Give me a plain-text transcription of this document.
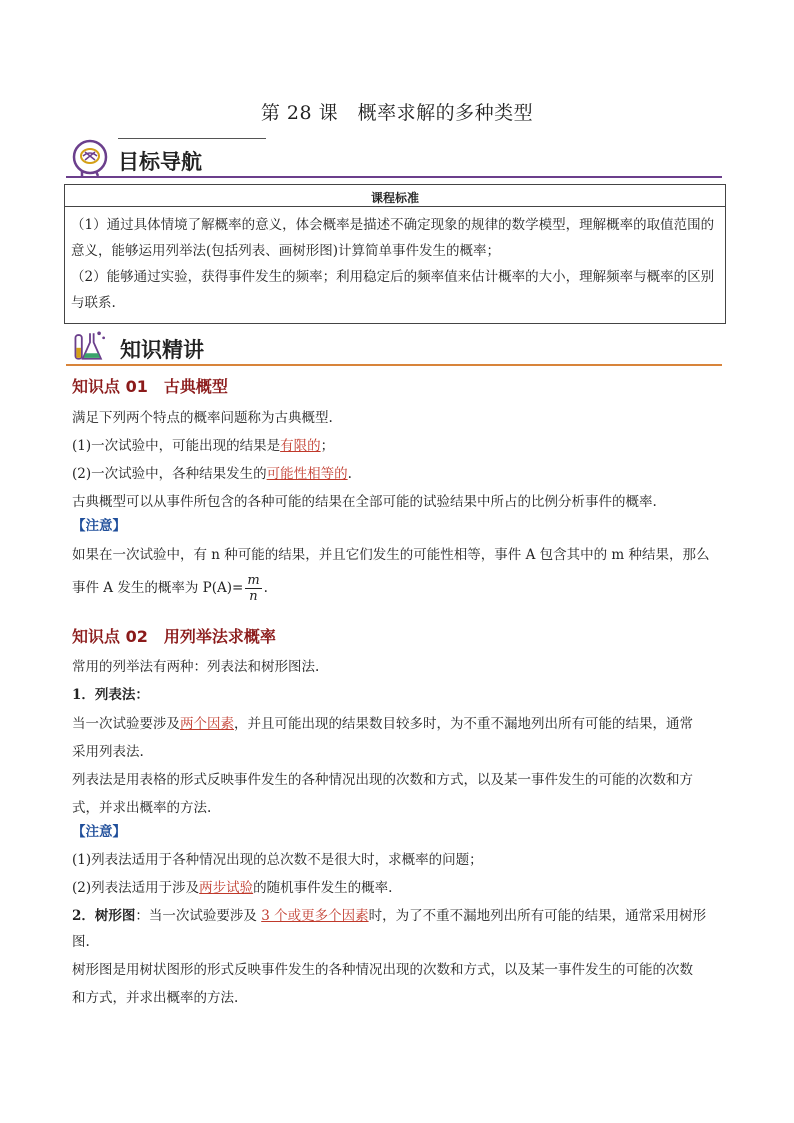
第 28 课　概率求解的多种类型
目标导航
课程标准
（1）通过具体情境了解概率的意义，体会概率是描述不确定现象的规律的数学模型，理解概率的取值范围的意义，能够运用列举法(包括列表、画树形图)计算简单事件发生的概率；
（2）能够通过实验，获得事件发生的频率；利用稳定后的频率值来估计概率的大小，理解频率与概率的区别与联系.
知识精讲
知识点 01　古典概型
满足下列两个特点的概率问题称为古典概型.
(1)一次试验中，可能出现的结果是有限的；
(2)一次试验中，各种结果发生的可能性相等的.
古典概型可以从事件所包含的各种可能的结果在全部可能的试验结果中所占的比例分析事件的概率.
【注意】
如果在一次试验中，有 n 种可能的结果，并且它们发生的可能性相等，事件 A 包含其中的 m 种结果，那么
事件 A 发生的概率为 $P(A)= \frac{m}{n}$ .
知识点 02　用列举法求概率
常用的列举法有两种：列表法和树形图法.
1．列表法：
当一次试验要涉及两个因素，并且可能出现的结果数目较多时，为不重不漏地列出所有可能的结果，通常
采用列表法.
列表法是用表格的形式反映事件发生的各种情况出现的次数和方式，以及某一事件发生的可能的次数和方
式，并求出概率的方法.
【注意】
(1)列表法适用于各种情况出现的总次数不是很大时，求概率的问题；
(2)列表法适用于涉及两步试验的随机事件发生的概率.
2．树形图：当一次试验要涉及 3 个或更多个因素时，为了不重不漏地列出所有可能的结果，通常采用树形
图.
树形图是用树状图形的形式反映事件发生的各种情况出现的次数和方式，以及某一事件发生的可能的次数
和方式，并求出概率的方法.
